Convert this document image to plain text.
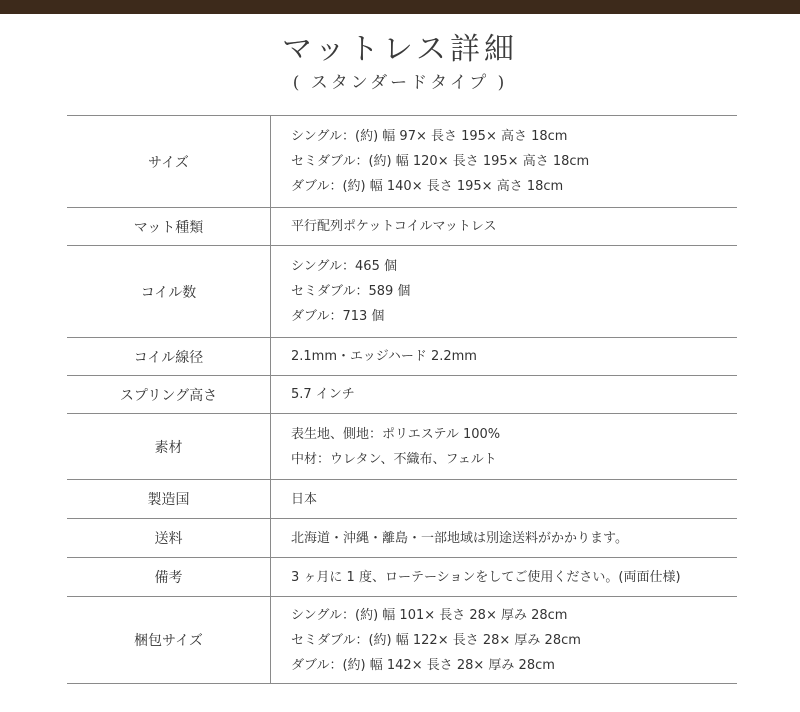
マットレス詳細
( スタンダードタイプ )
サイズ	シングル：(約) 幅 97× 長さ 195× 高さ 18cm
セミダブル：(約) 幅 120× 長さ 195× 高さ 18cm
ダブル：(約) 幅 140× 長さ 195× 高さ 18cm

マット種類	平行配列ポケットコイルマットレス

コイル数	シングル：465 個
セミダブル：589 個
ダブル：713 個

コイル線径	2.1mm・エッジハード 2.2mm

スプリング高さ	5.7 インチ

素材	表生地、側地：ポリエステル 100%
中材：ウレタン、不織布、フェルト

製造国	日本

送料	北海道・沖縄・離島・一部地域は別途送料がかかります。

備考	3 ヶ月に 1 度、ローテーションをしてご使用ください。(両面仕様)

梱包サイズ	シングル：(約) 幅 101× 長さ 28× 厚み 28cm
セミダブル：(約) 幅 122× 長さ 28× 厚み 28cm
ダブル：(約) 幅 142× 長さ 28× 厚み 28cm
